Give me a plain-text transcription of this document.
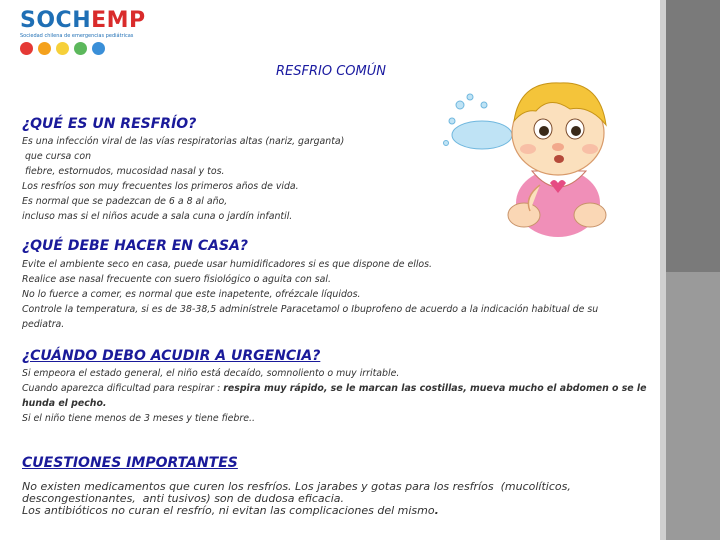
SOCHEMP
Sociedad chilena de emergencias pediátricas
RESFRIO COMÚN
¿QUÉ ES UN RESFRÍO?

Es una infección viral de las vías respiratorias altas (nariz, garganta)
que cursa con
fiebre, estornudos, mucosidad nasal y tos.
Los resfríos son muy frecuentes los primeros años de vida.
Es normal que se padezcan de 6 a 8 al año,
incluso mas si el niños acude a sala cuna o jardín infantil.

¿QUÉ DEBE HACER EN CASA?

Evite el ambiente seco en casa, puede usar humidificadores si es que dispone de ellos.
Realice ase nasal frecuente con suero fisiológico o aguita con sal.
No lo fuerce a comer, es normal que este inapetente, ofrézcale líquidos.
Controle la temperatura, si es de 38-38,5 adminístrele Paracetamol o Ibuprofeno de acuerdo a la indicación habitual de su
pediatra.

¿CUÁNDO DEBO ACUDIR A URGENCIA?

Si empeora el estado general, el niño está decaído, somnoliento o muy irritable.
Cuando aparezca dificultad para respirar : respira muy rápido, se le marcan las costillas, mueva mucho el abdomen o se le
hunda el pecho.
Si el niño tiene menos de 3 meses y tiene fiebre..

CUESTIONES IMPORTANTES

No existen medicamentos que curen los resfríos. Los jarabes y gotas para los resfríos  (mucolíticos,
descongestionantes,  anti tusivos) son de dudosa eficacia.
Los antibióticos no curan el resfrío, ni evitan las complicaciones del mismo.
